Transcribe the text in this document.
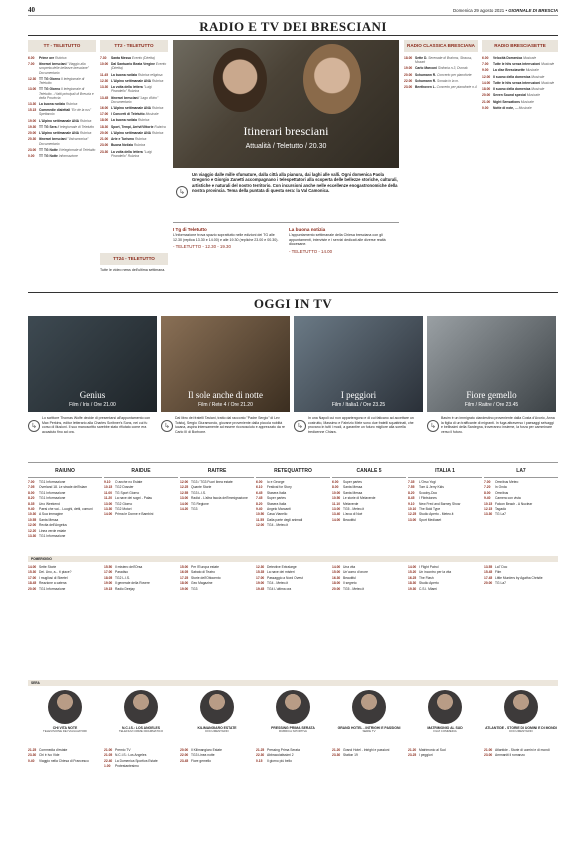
40	Domenica 29 agosto 2021 • GIORNALE DI BRESCIA
RADIO E TV DEI BRESCIANI
TT - TELETUTTO	TT2 - TELETUTTO	RADIO CLASSICA BRESCIANA	RADIO BRESCIASETTE
6.00	Prime ore Rubrica
7.00	Itinerari bresciani "Viaggio alla scoperta delle bellezze bresciane" Documentario
12.30 TT TG Giorno Il telegiornale di Teletutto
13.00 TT TG Giorno Il telegiornale di Teletutto - I fatti principali di Brescia e della Provincia
13.30 La buona notizia Rubrica
15.15 Commedie dialettali "En de la rus" Spettacolo
19.00 L'Alpino settimanale ANA Rubrica
19.30 TT TG Sera Il telegiornale di Teletutto
20.00 L'Alpino settimanale ANA Rubrica
20.30 Itinerari bresciani "Valcamonica" Documentario
23.00 TT TG Notte Il telegiornale di Teletutto
0.00	TT TG Notte Informazione
7.30	Santa Messa Evento (Diretta)
10.00 Dal Santuario Beata Vergine Evento (Diretta)
11.45 La buona notizia Rubrica religiosa
12.30 L'Alpino settimanale ANA Rubrica
13.30 La volta della lettera "Luigi Pirandello" Rubrica
13.45 Itinerari bresciani "Lago d'Idro" Documentario
16.00 L'Alpino settimanale ANA Rubrica
17.00 I Concerti di Teletutto Musicale
18.00 La buona notizia Rubrica
18.30 Sport, Tempi, Arrivi/Vittorie Rubrica
20.00 L'Alpino settimanale ANA Rubrica
21.00 Arte e Turismo Rubrica
23.00 Buona Notizia Rubrica
23.30 La volta della lettera "Luigi Pirandello" Rubrica
TT24 - TELETUTTO
Tutte le video news dell'ultima settimana.
Itinerari bresciani
Attualità / Teletutto / 20.30
↳
Un viaggio dalle mille sfumature, dalla città alla pianura, dai laghi alle valli. Ogni domenica Paola Gregorio e Giorgio Zanetti accompagnano i telespettatori alla scoperta delle bellezze storiche, culturali, artistiche e naturali del nostro territorio. Con incursioni anche nelle eccellenze enogastronomiche della nostra provincia. Tema della puntata di questa sera: la Val Camonica.
I Tg di Teletutto
L'informazione trova spazio soprattutto nelle edizioni dei TG alle 12.30 (replica 13.30 e 14.00) e alle 19.30 (repliche 23.00 e 00.30).
- TELETUTTO - 12.30 - 19.30
La buona notizia
L'appuntamento settimanale della Chiesa bresciana con gli appuntamenti, interviste e i servizi dedicati alle diverse realtà diocesane.
- TELETUTTO - 14.00
18.00 Sette D. Serenade di Brahms, Strauss, Mozart
19.00 Carlo Marconi Sinfonia n.3, Dvorak
20.00 Schumann R. Concerto per pianoforte
22.00 Schumann R. Sonata in la m.
23.00 Beethoven L. Concerto per pianoforte n.4
6.00	Velocità Domenica Musicale
7.00	Tutte le hits senza interruzioni Musicale
9.00	La dise Bresciasette Musicale
12.00 Il suono della domenica Musicale
14.00 Tutte le hits senza interruzioni Musicale
18.00 Il suono della domenica Musicale
20.00 Seven Sound special Musicale
21.00 Night Sensations Musicale
0.00	Notte di note, ... Musicale
OGGI IN TV
Genius
Film / Iris / Ore 21.00
↳
Lo scrittore Thomas Wolfe decide di presentarsi all'appuntamento con Max Perkins, editor letterario alla Charles Scribner's Sons, nei cui fu corso di illusioni. Il suo manoscritto sarebbe stato rifiutato come era accaduto fino ad ora.
Il sole anche di notte
Film / Rete 4 / Ore 21.20
↳
Dal libro dei fratelli Taviani, tratto dal racconto "Padre Sergio" di Lev Tolstoj, Sergio Giuramondo, giovane proveniente dalla piccola nobiltà lucana, aspira intensamente ad essere riconosciuto e apprezzato da re Carlo III di Borbone.
I peggiori
Film / Italia1 / Ore 23.25
↳
In una Napoli cui non appartengono e di cui faticano ad accettare un costrutto, Massimo e Fabrizio Mele sono due fratelli squattrinati, che provano in tutti i modi, a garantire un futuro migliore alla sorella tredicenne Chiara.
Fiore gemello
Film / Raitre / Ore 23.45
↳
Basim è un immigrato clandestino proveniente dalla Costa d'Avorio, Anna la figlia di un trafficante di migranti. In fuga attraverso i paesaggi selvaggi e bellissimi della Sardegna, troveranno insieme, la forza per camminare verso il futuro.
RAIUNO
7.00	TG1 Informazione
7.05	Overland 18. Le strade dell'Islam
8.00	TG1 Informazione
8.20	TG1 Informazione
8.35	Uno Weekend
9.40	Paesi che vai... Luoghi, detti, comuni
10.30 A Sua immagine
10.55 Santa Messa
12.00 Recita dell'Angelus
12.20 Linea verde estate
13.30 TG1 Informazione
14.00 Sette Storie
15.30 Dei. Uno, a... ti piace?
17.00 I mugliosi di Steetel
18.45 Reazione a catena
20.00 TG1 Informazione
CHI VITA NOTE
TELEVISIONE DEI VIAGGIATORI
21.25 Commedia d'estate
23.30 Chi è Ivo Vide
0.40	Viaggio nella Chiesa di Francesco
RAIDUE
9.10	O anche no Estate
10.15 TG2 Dossier
11.00 TG Sport Giorno
11.20 La nave dei sogni - Palau
13.00 TG2 Giorno
13.30 TG2 Motori
14.00 Prima le Donne e Bambini
15.50 Il mistero dell'Orsa
17.00 Paradiso
18.05 TG2 L.I.S.
19.00 Il generale della Rovere
19.15 Radio Deejay
N.C.I.S.: LOS ANGELES
TELEFILM CRIME DRAMMATICO
21.00 Premio TV
21.05 N.C.I.S.: Los Angeles
22.40 La Domenica Sportiva Estate
1.00	Protestantesimo
RAITRE
12.00 TG3 / TG3 Fuori linea estate
12.25 Quante Storie
12.55 TG3 L.I.S.
13.00 Radici - L'altra faccia dell'immigrazione
14.00 TG Regione
14.20 TG3
15.00 Per l'Europa estate
16.05 Sabato di Teatro
17.25 Storie dell'Ottocento
18.00 Geo Magazine
19.00 TG3
KILIMANGIARO ESTATE
DOCUMENTARIO
20.00 Il Kilimangiaro Estate
22.00 TG3 Linea notte
23.45 Fiore gemello
RETEQUATTRO
6.00	Io e George
6.10	Festival for Story
6.45	Stasera Italia
7.45	Super partes
8.20	Stasera Italia
9.40	Angelo Marcanti
10.50 Casa Vianello
11.55 Dalla parte degli animali
12.00 TG4 - Meteo.it
12.30 Detective Extralarge
15.35 La nave dei misteri
17.00 Passaggio a Nord Ovest
19.00 TG4 - Meteo.it
19.45 TG4 L'ultima ora
PRESSING PRIMA SERATA
RUBRICA SPORTIVA
21.25 Pressing Prima Serata
22.30 Abbracciatissimi 2
0.15	Il giorno più bello
CANALE 5
6.00	Super partes
8.00	Santa Messa
10.00 Santa Messa
10.50 Le storie di Melaverde
11.10 Melaverde
13.00 TG5 - Meteo.it
13.40 L'arca di Noè
14.00 Beautiful
14.00 Una vita
15.00 Un'uomo d'onore
16.30 Beautiful
18.00 Il segreto
20.00 TG5 - Meteo.it
GRAND HOTEL - INTRIGHI E PASSIONI
SERIE TV
21.20 Grand Hotel - Intrighi e passioni
23.30 Station 19
ITALIA 1
7.35	L'Orso Yogi
7.55	Tom & Jerry Kids
8.20	Scooby-Doo
8.45	I Flintstones
9.10	New Fred and Barney Show
10.10 The Bold Type
12.25 Studio Aperto - Meteo.it
13.00 Sport Mediaset
14.00 I Flight Patrol
15.20 Un incontro per la vita
16.25 The Flash
18.30 Studio Aperto
19.30 C.S.I. Miami
MATRIMONIO AL SUD
FILM COMMEDIA
21.20 Matrimonio al Sud
23.25 I peggiori
LA7
7.00	Omnibus Meteo
7.20	In Onda
8.00	Omnibus
9.40	Camera con vista
10.15 Falcon Beach - A Nuclear
12.15 Tagadà
13.30 TG La7
13.55 La7 Doc
15.45 Film
17.45 Little Murders by Agatha Christie
20.00 TG La7
ATLANTIDE - STORIE DI UOMINI E DI MONDI
DOCUMENTARIO
21.00 Atlantide - Storie di uomini e di mondi
23.00 Ammaniti il romanzo
POMERIGGIO
SERA
